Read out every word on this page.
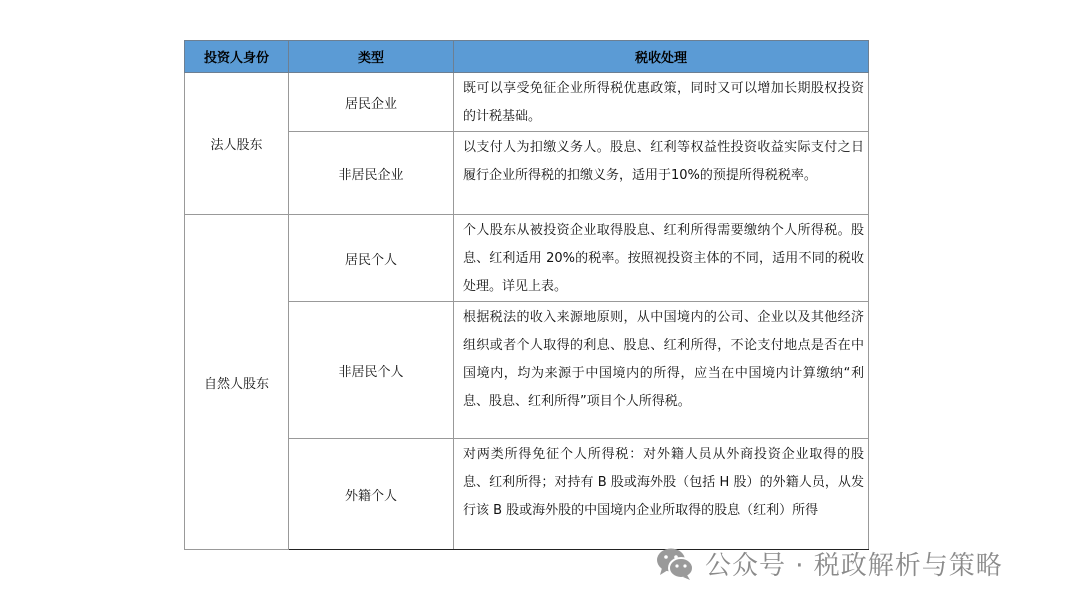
投资人身份	类型	税收处理
法人股东	居民企业	既可以享受免征企业所得税优惠政策，同时又可以增加长期股权投资的计税基础。

	非居民企业	以支付人为扣缴义务人。股息、红利等权益性投资收益实际支付之日履行企业所得税的扣缴义务，适用于10%的预提所得税税率。

自然人股东	居民个人	个人股东从被投资企业取得股息、红利所得需要缴纳个人所得税。股息、红利适用 20%的税率。按照视投资主体的不同，适用不同的税收处理。详见上表。

	非居民个人	根据税法的收入来源地原则，从中国境内的公司、企业以及其他经济组织或者个人取得的利息、股息、红利所得，不论支付地点是否在中国境内，均为来源于中国境内的所得，应当在中国境内计算缴纳“利息、股息、红利所得”项目个人所得税。

	外籍个人	对两类所得免征个人所得税：对外籍人员从外商投资企业取得的股息、红利所得；对持有 B 股或海外股（包括 H 股）的外籍人员，从发行该 B 股或海外股的中国境内企业所取得的股息（红利）所得
公众号 · 税政解析与策略
